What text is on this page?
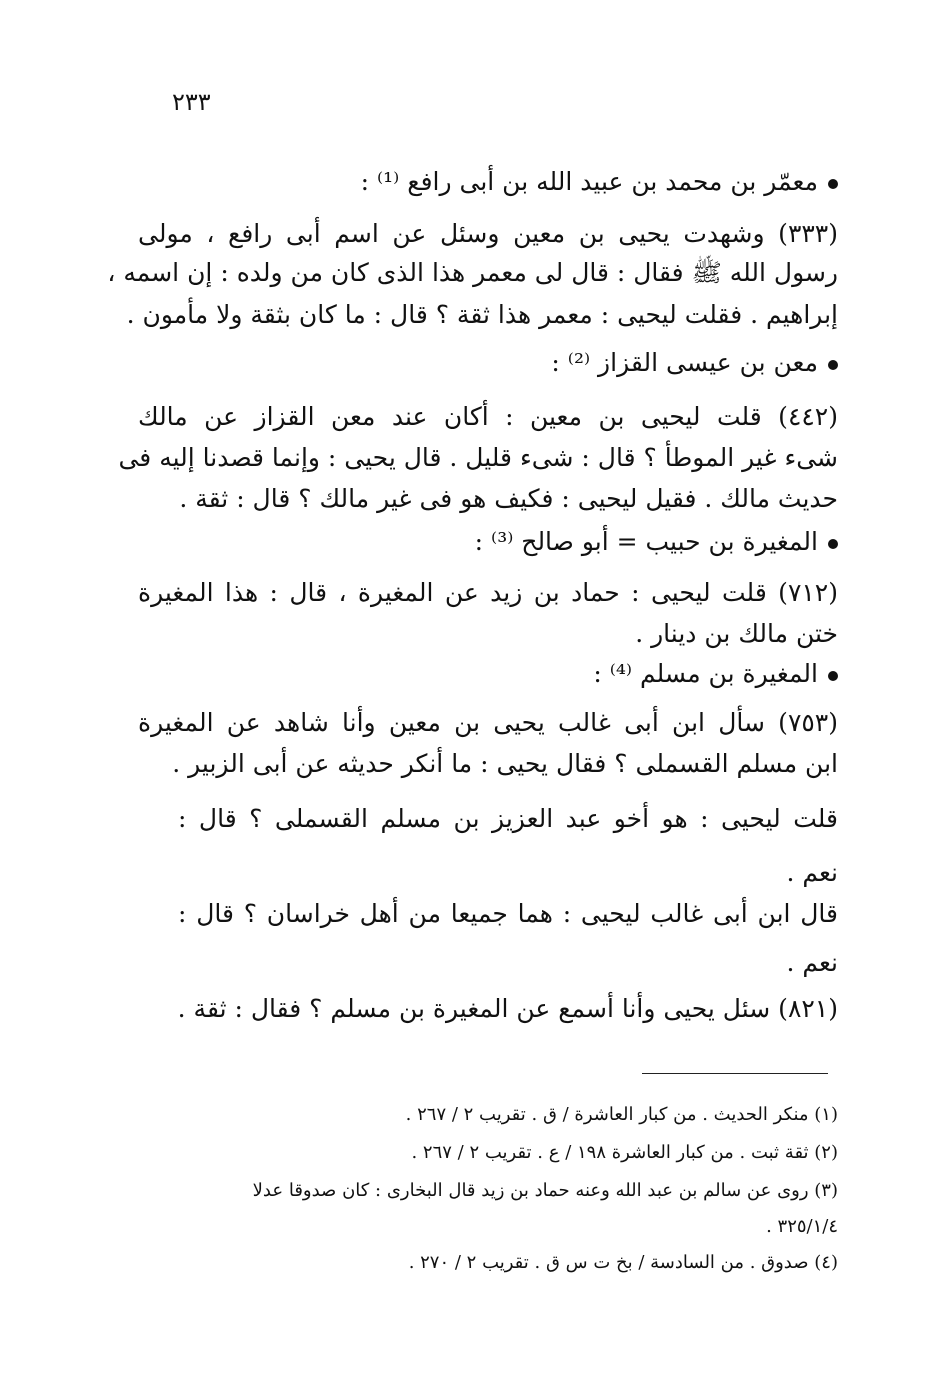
٢٣٣
معمّر بن محمد بن عبيد الله بن أبى رافع ⁽¹⁾ :
(٣٣٣) وشهدت يحيى بن معين وسئل عن اسم أبى رافع ، مولى
رسول الله ﷺ فقال : قال لى معمر هذا الذى كان من ولده : إن اسمه ،
إبراهيم . فقلت ليحيى : معمر هذا ثقة ؟ قال : ما كان بثقة ولا مأمون .
معن بن عيسى القزاز ⁽²⁾ :
(٤٤٢) قلت ليحيى بن معين : أكان عند معن القزاز عن مالك
شىء غير الموطأ ؟ قال : شىء قليل . قال يحيى : وإنما قصدنا إليه فى
حديث مالك . فقيل ليحيى : فكيف هو فى غير مالك ؟ قال : ثقة .
المغيرة بن حبيب = أبو صالح ⁽³⁾ :
(٧١٢) قلت ليحيى : حماد بن زيد عن المغيرة ، قال : هذا المغيرة
ختن مالك بن دينار .
المغيرة بن مسلم ⁽⁴⁾ :
(٧٥٣) سأل ابن أبى غالب يحيى بن معين وأنا شاهد عن المغيرة
ابن مسلم القسملى ؟ فقال يحيى : ما أنكر حديثه عن أبى الزبير .
قلت ليحيى : هو أخو عبد العزيز بن مسلم القسملى ؟ قال :
نعم .
قال ابن أبى غالب ليحيى : هما جميعا من أهل خراسان ؟ قال :
نعم .
(٨٢١) سئل يحيى وأنا أسمع عن المغيرة بن مسلم ؟ فقال : ثقة .
(١) منكر الحديث . من كبار العاشرة / ق . تقريب ٢ / ٢٦٧ .
(٢) ثقة ثبت . من كبار العاشرة ١٩٨ / ع . تقريب ٢ / ٢٦٧ .
(٣) روى عن سالم بن عبد الله وعنه حماد بن زيد قال البخارى : كان صدوقا عدلا
٣٢٥/١/٤ .
(٤) صدوق . من السادسة / بخ ت س ق . تقريب ٢ / ٢٧٠ .
